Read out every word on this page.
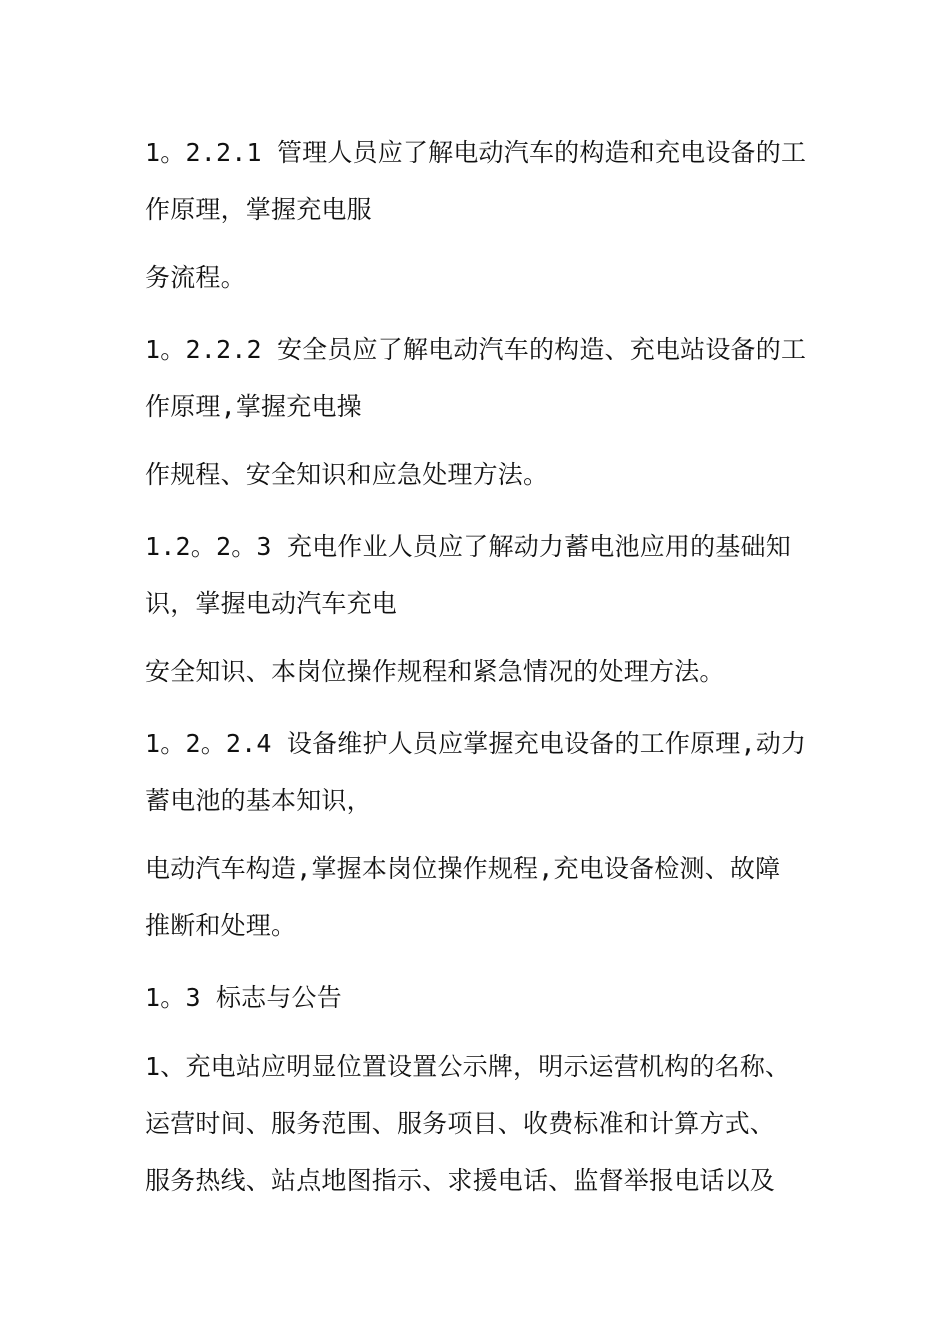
1。2.2.1 管理人员应了解电动汽车的构造和充电设备的工
作原理，掌握充电服
务流程。
1。2.2.2 安全员应了解电动汽车的构造、充电站设备的工
作原理,掌握充电操
作规程、安全知识和应急处理方法。
1.2。2。3 充电作业人员应了解动力蓄电池应用的基础知
识，掌握电动汽车充电
安全知识、本岗位操作规程和紧急情况的处理方法。
1。2。2.4 设备维护人员应掌握充电设备的工作原理,动力
蓄电池的基本知识，
电动汽车构造,掌握本岗位操作规程,充电设备检测、故障
推断和处理。
1。3 标志与公告
1、充电站应明显位置设置公示牌，明示运营机构的名称、
运营时间、服务范围、服务项目、收费标准和计算方式、
服务热线、站点地图指示、求援电话、监督举报电话以及
